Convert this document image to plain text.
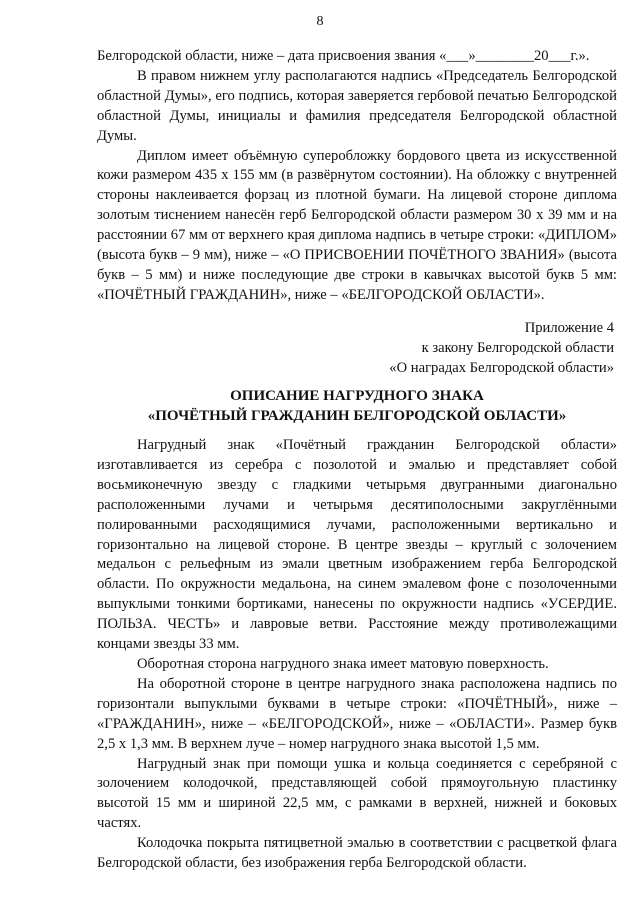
8

Белгородской области, ниже – дата присвоения звания «___»________20___г.».

В правом нижнем углу располагаются надпись «Председатель Белгородской областной Думы», его подпись, которая заверяется гербовой печатью Белгородской областной Думы, инициалы и фамилия председателя Белгородской областной Думы.

Диплом имеет объёмную суперобложку бордового цвета из искусственной кожи размером 435 х 155 мм (в развёрнутом состоянии). На обложку с внутренней стороны наклеивается форзац из плотной бумаги. На лицевой стороне диплома золотым тиснением нанесён герб Белгородской области размером 30 х 39 мм и на расстоянии 67 мм от верхнего края диплома надпись в четыре строки: «ДИПЛОМ» (высота букв – 9 мм), ниже – «О ПРИСВОЕНИИ ПОЧЁТНОГО ЗВАНИЯ» (высота букв – 5 мм) и ниже последующие две строки в кавычках высотой букв 5 мм: «ПОЧЁТНЫЙ ГРАЖДАНИН», ниже – «БЕЛГОРОДСКОЙ ОБЛАСТИ».

Приложение 4
к закону Белгородской области
«О наградах Белгородской области»
ОПИСАНИЕ НАГРУДНОГО ЗНАКА
«ПОЧЁТНЫЙ ГРАЖДАНИН БЕЛГОРОДСКОЙ ОБЛАСТИ»

Нагрудный знак «Почётный гражданин Белгородской области» изготавливается из серебра с позолотой и эмалью и представляет собой восьмиконечную звезду с гладкими четырьмя двугранными диагонально расположенными лучами и четырьмя десятиполосными закруглёнными полированными расходящимися лучами, расположенными вертикально и горизонтально на лицевой стороне. В центре звезды – круглый с золочением медальон с рельефным из эмали цветным изображением герба Белгородской области. По окружности медальона, на синем эмалевом фоне с позолоченными выпуклыми тонкими бортиками, нанесены по окружности надпись «УСЕРДИЕ. ПОЛЬЗА. ЧЕСТЬ» и лавровые ветви. Расстояние между противолежащими концами звезды 33 мм.

Оборотная сторона нагрудного знака имеет матовую поверхность.

На оборотной стороне в центре нагрудного знака расположена надпись по горизонтали выпуклыми буквами в четыре строки: «ПОЧЁТНЫЙ», ниже – «ГРАЖДАНИН», ниже – «БЕЛГОРОДСКОЙ», ниже – «ОБЛАСТИ». Размер букв 2,5 х 1,3 мм. В верхнем луче – номер нагрудного знака высотой 1,5 мм.

Нагрудный знак при помощи ушка и кольца соединяется с серебряной с золочением колодочкой, представляющей собой прямоугольную пластинку высотой 15 мм и шириной 22,5 мм, с рамками в верхней, нижней и боковых частях.

Колодочка покрыта пятицветной эмалью в соответствии с расцветкой флага Белгородской области, без изображения герба Белгородской области.
